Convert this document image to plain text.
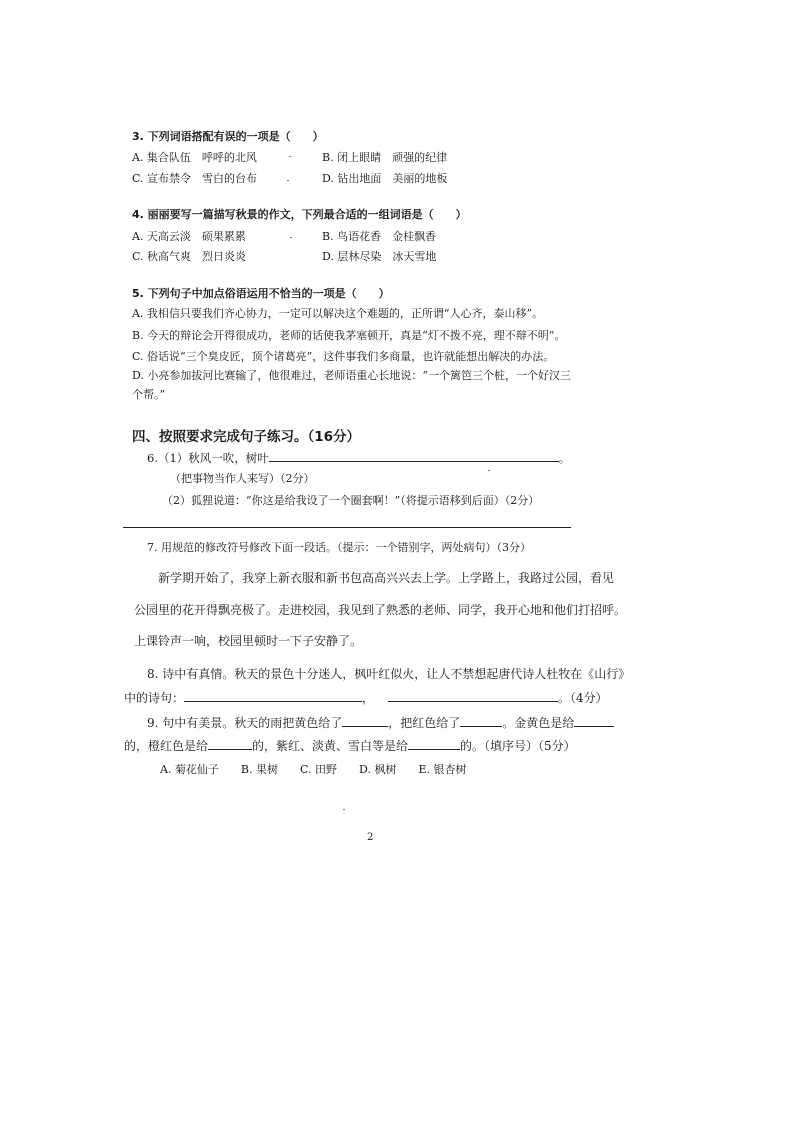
3. 下列词语搭配有误的一项是（　　）
A. 集合队伍　呼呼的北风	B. 闭上眼睛　顽强的纪律
C. 宣布禁令　雪白的台布	D. 钻出地面　美丽的地板
4. 丽丽要写一篇描写秋景的作文，下列最合适的一组词语是（　　）
A. 天高云淡　硕果累累	B. 鸟语花香　金桂飘香
C. 秋高气爽　烈日炎炎	D. 层林尽染　冰天雪地
5. 下列句子中加点俗语运用不恰当的一项是（　　）
A. 我相信只要我们齐心协力，一定可以解决这个难题的，正所谓“人心齐，泰山移”。
B. 今天的辩论会开得很成功，老师的话使我茅塞顿开，真是“灯不拨不亮，理不辩不明”。
C. 俗话说“三个臭皮匠，顶个诸葛亮”，这件事我们多商量，也许就能想出解决的办法。
D. 小亮参加拔河比赛输了，他很难过，老师语重心长地说：“一个篱笆三个桩，一个好汉三
个帮。”
四、按照要求完成句子练习。（16分）
6.（1）秋风一吹，树叶	。
（把事物当作人来写）（2分）
（2）狐狸说道：“你这是给我设了一个圈套啊！”（将提示语移到后面）（2分）
7. 用规范的修改符号修改下面一段话。（提示：一个错别字，两处病句）（3分）
新学期开始了，我穿上新衣服和新书包高高兴兴去上学。上学路上，我路过公园，看见
公园里的花开得飘亮极了。走进校园，我见到了熟悉的老师、同学，我开心地和他们打招呼。
上课铃声一响，校园里顿时一下子安静了。
8. 诗中有真情。秋天的景色十分迷人，枫叶红似火，让人不禁想起唐代诗人杜牧在《山行》
中的诗句：	，	。（4分）
9. 句中有美景。秋天的雨把黄色给了	，把红色给了	。金黄色是给
的，橙红色是给	的，紫红、淡黄、雪白等是给	的。（填序号）（5分）
A. 菊花仙子　　B. 果树　　C. 田野　　D. 枫树　　E. 银杏树
2
